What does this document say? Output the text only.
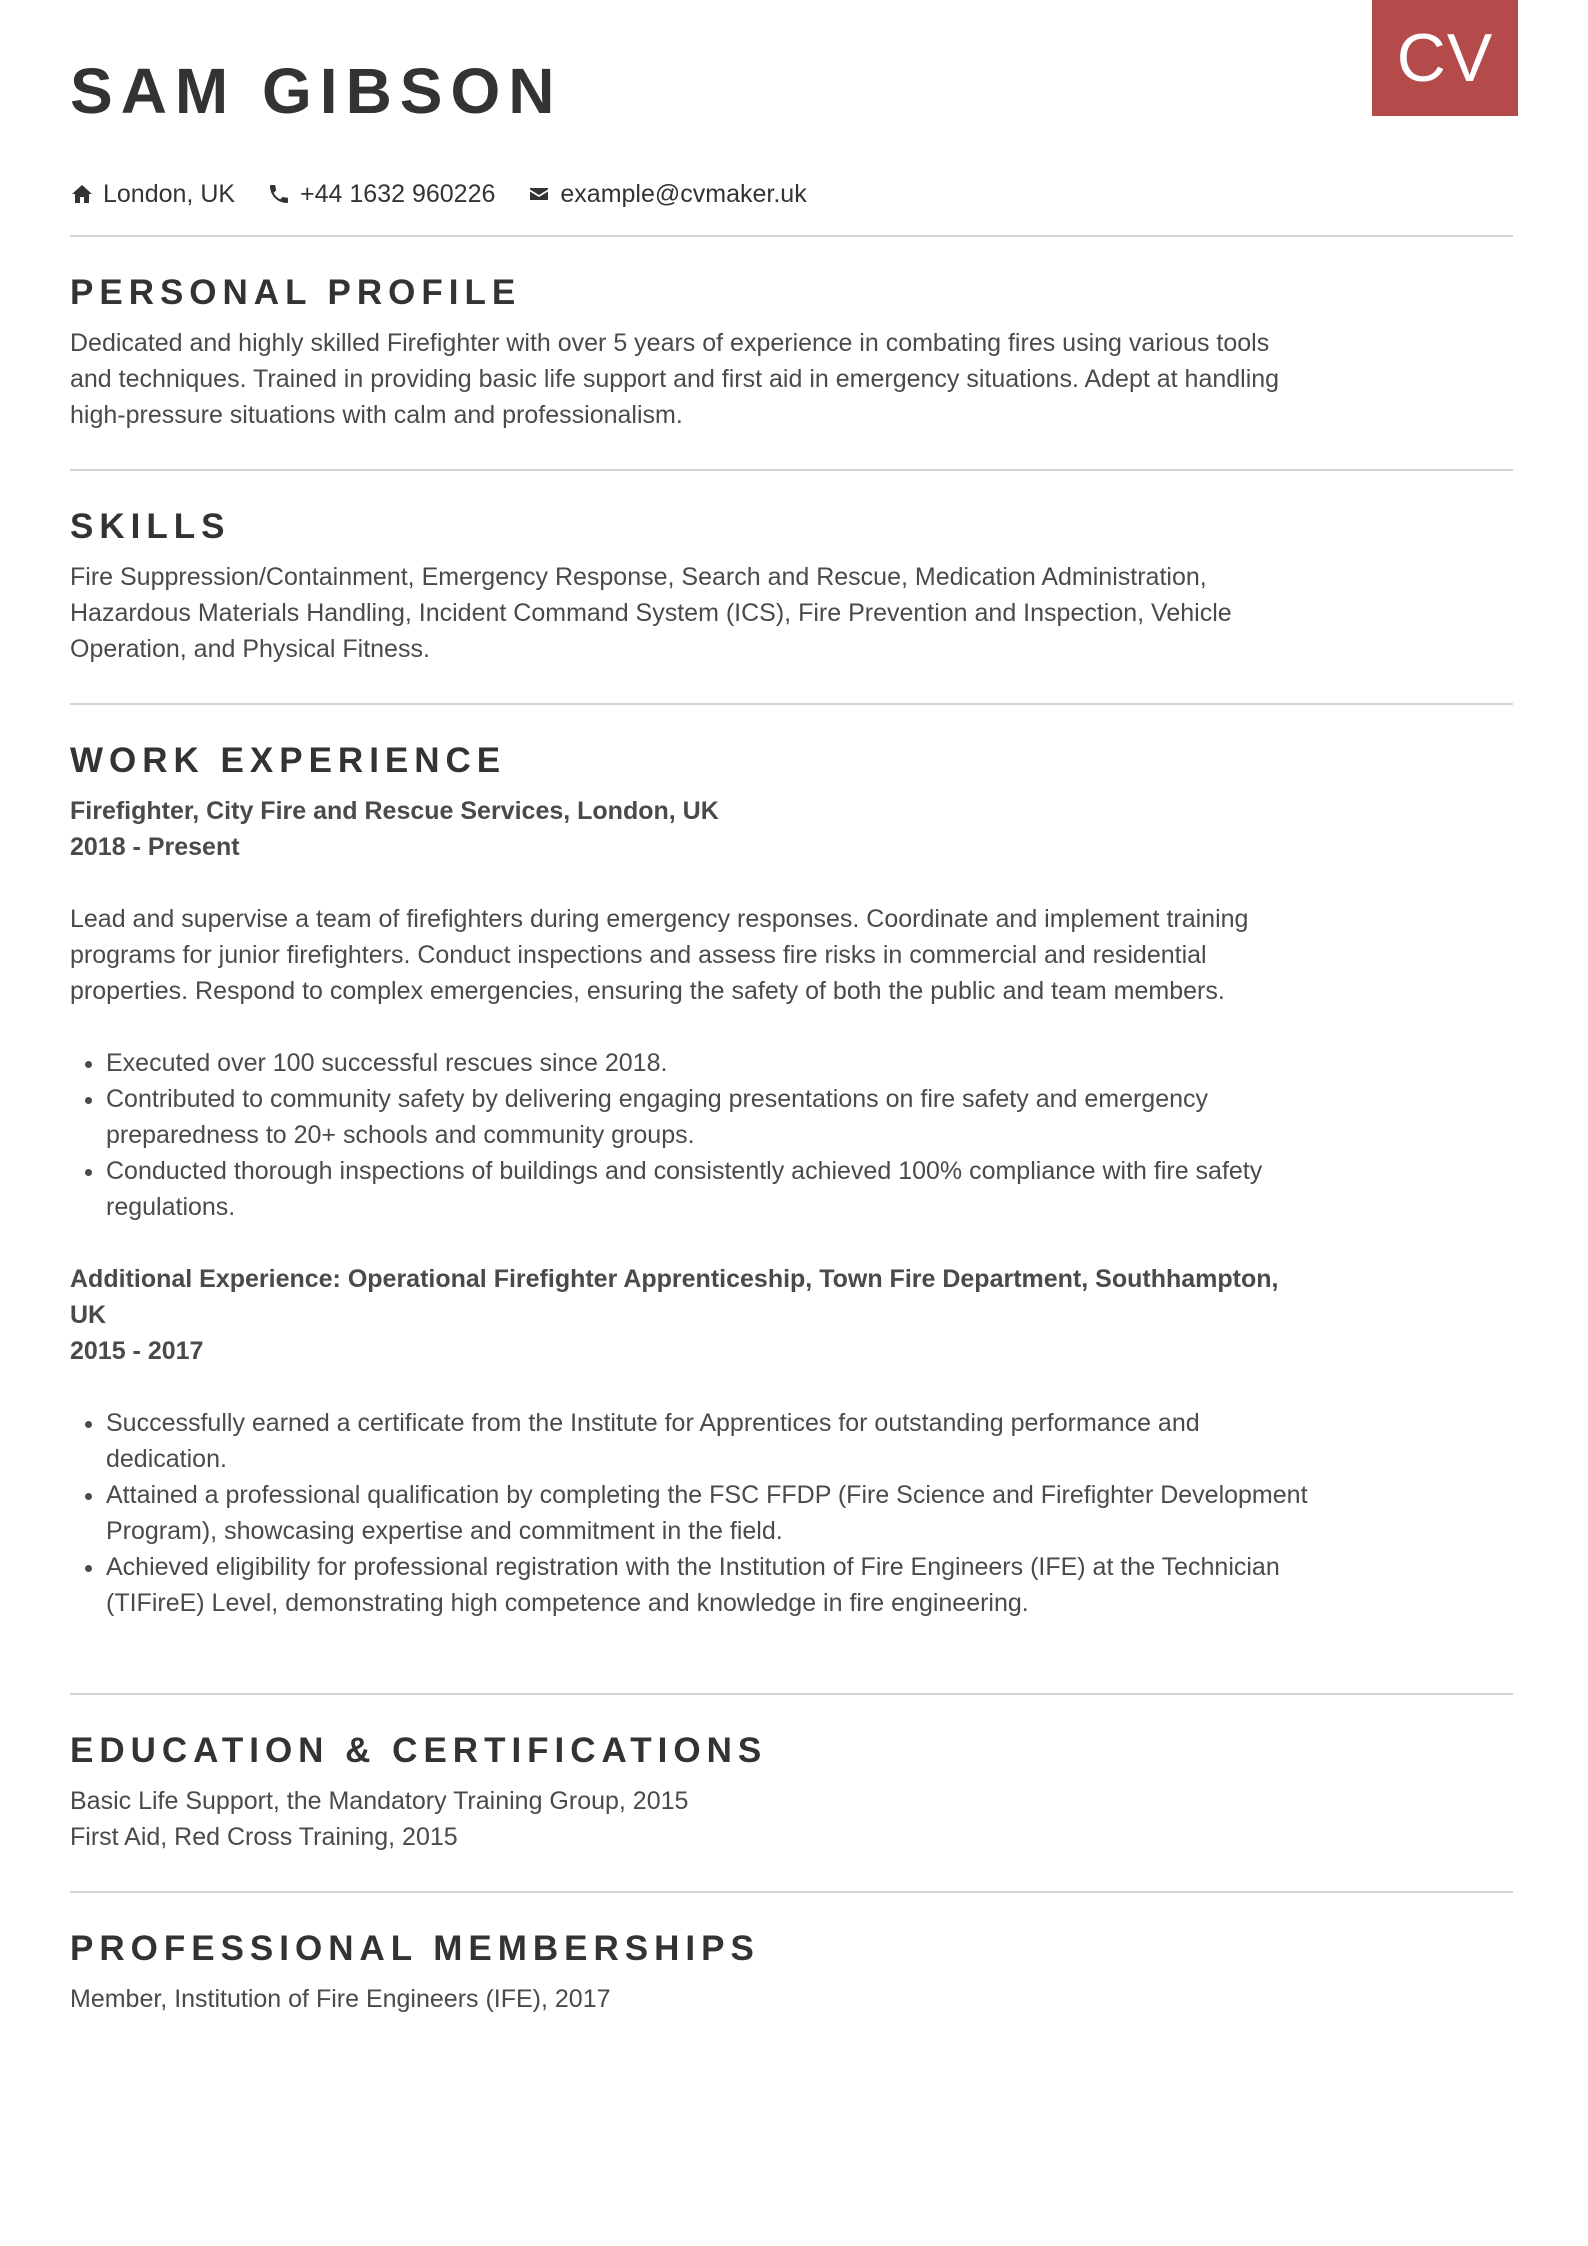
CV
SAM GIBSON
London, UK	+44 1632 960226	example@cvmaker.uk
PERSONAL PROFILE

Dedicated and highly skilled Firefighter with over 5 years of experience in combating fires using various tools and techniques. Trained in providing basic life support and first aid in emergency situations. Adept at handling high-pressure situations with calm and professionalism.

SKILLS

Fire Suppression/Containment, Emergency Response, Search and Rescue, Medication Administration, Hazardous Materials Handling, Incident Command System (ICS), Fire Prevention and Inspection, Vehicle Operation, and Physical Fitness.

WORK EXPERIENCE

Firefighter, City Fire and Rescue Services, London, UK

2018 - Present

Lead and supervise a team of firefighters during emergency responses. Coordinate and implement training programs for junior firefighters. Conduct inspections and assess fire risks in commercial and residential properties. Respond to complex emergencies, ensuring the safety of both the public and team members.

• Executed over 100 successful rescues since 2018.
• Contributed to community safety by delivering engaging presentations on fire safety and emergency preparedness to 20+ schools and community groups.
• Conducted thorough inspections of buildings and consistently achieved 100% compliance with fire safety regulations.

Additional Experience: Operational Firefighter Apprenticeship, Town Fire Department, Southhampton, UK

2015 - 2017

• Successfully earned a certificate from the Institute for Apprentices for outstanding performance and dedication.
• Attained a professional qualification by completing the FSC FFDP (Fire Science and Firefighter Development Program), showcasing expertise and commitment in the field.
• Achieved eligibility for professional registration with the Institution of Fire Engineers (IFE) at the Technician (TIFireE) Level, demonstrating high competence and knowledge in fire engineering.
EDUCATION & CERTIFICATIONS

Basic Life Support, the Mandatory Training Group, 2015

First Aid, Red Cross Training, 2015

PROFESSIONAL MEMBERSHIPS

Member, Institution of Fire Engineers (IFE), 2017
